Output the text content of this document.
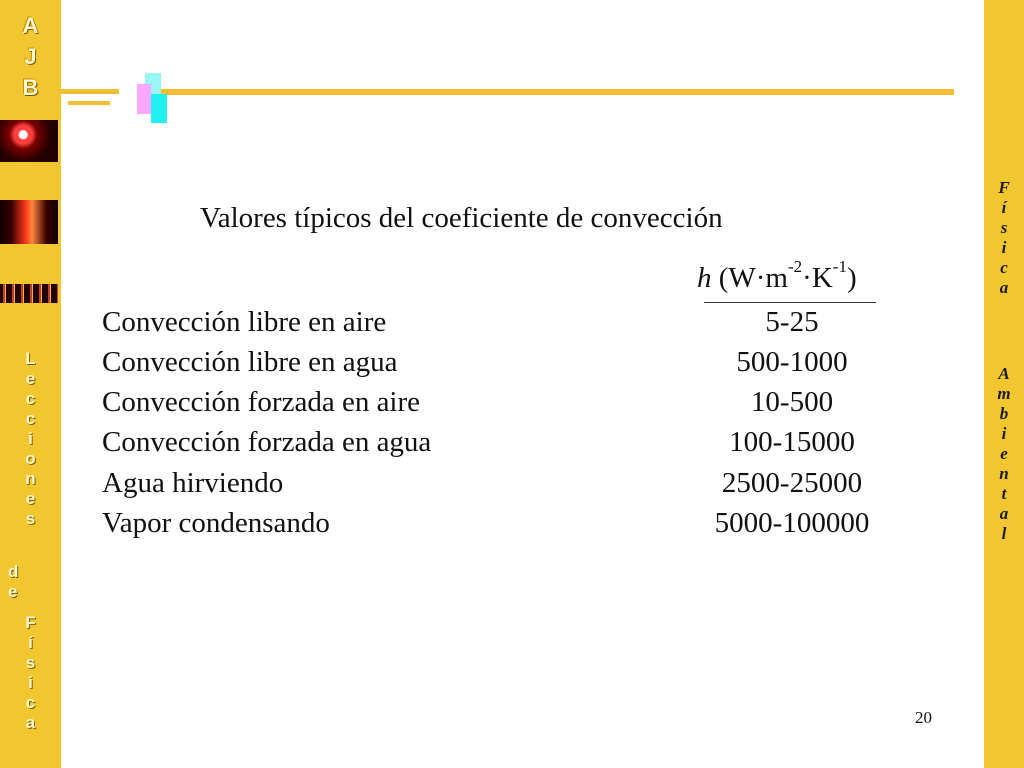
A
J
B
L
e
c
c
i
o
n
e
s
d
e
F
í
s
i
c
a
F
í
s
i
c
a
A
m
b
i
e
n
t
a
l
Valores típicos del coeficiente de convección
h $(W\cdot m^{-2}\cdot K^{-1})$
Convección libre en aire	5-25
Convección libre en agua	500-1000
Convección forzada en aire	10-500
Convección forzada en agua	100-15000
Agua hirviendo	2500-25000
Vapor condensando	5000-100000
20
